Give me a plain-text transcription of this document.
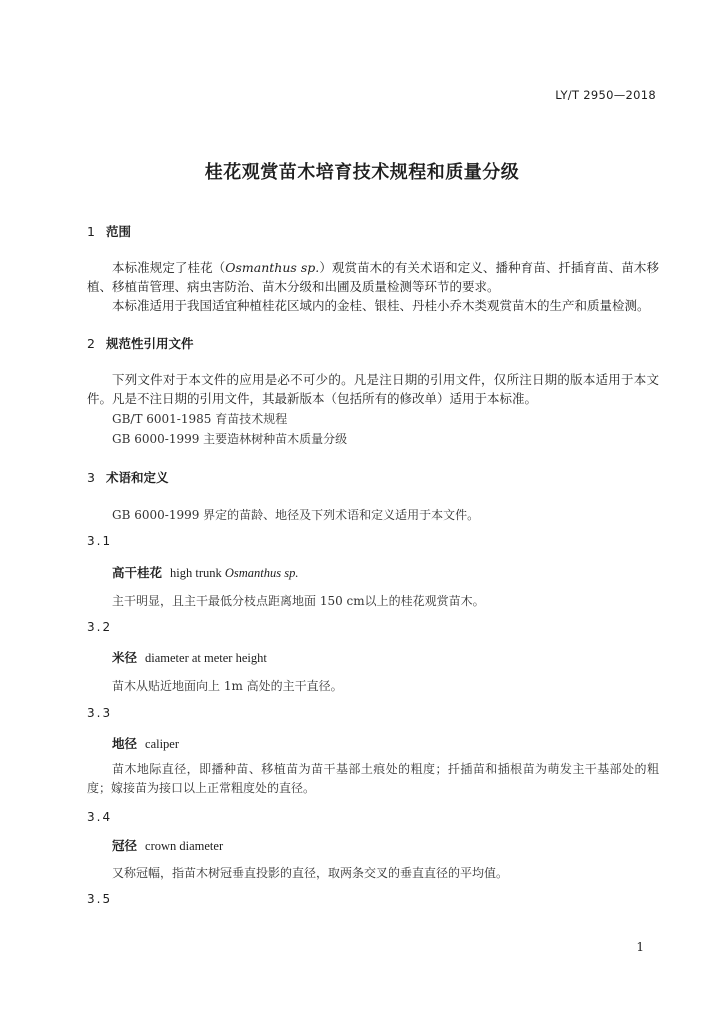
LY/T 2950—2018
桂花观赏苗木培育技术规程和质量分级
1 范围

本标准规定了桂花（Osmanthus sp.）观赏苗木的有关术语和定义、播种育苗、扦插育苗、苗木移植、移植苗管理、病虫害防治、苗木分级和出圃及质量检测等环节的要求。

本标准适用于我国适宜种植桂花区域内的金桂、银桂、丹桂小乔木类观赏苗木的生产和质量检测。

2 规范性引用文件

下列文件对于本文件的应用是必不可少的。凡是注日期的引用文件，仅所注日期的版本适用于本文件。凡是不注日期的引用文件，其最新版本（包括所有的修改单）适用于本标准。

GB/T 6001-1985 育苗技术规程
GB 6000-1999 主要造林树种苗木质量分级
3 术语和定义
GB 6000-1999 界定的苗龄、地径及下列术语和定义适用于本文件。
3.1
高干桂花 high trunk Osmanthus sp.
主干明显，且主干最低分枝点距离地面 150 cm以上的桂花观赏苗木。
3.2
米径 diameter at meter height
苗木从贴近地面向上 1m 高处的主干直径。
3.3
地径 caliper

苗木地际直径，即播种苗、移植苗为苗干基部土痕处的粗度；扦插苗和插根苗为萌发主干基部处的粗度；嫁接苗为接口以上正常粗度处的直径。

3.4
冠径 crown diameter
又称冠幅，指苗木树冠垂直投影的直径，取两条交叉的垂直直径的平均值。
3.5
1
